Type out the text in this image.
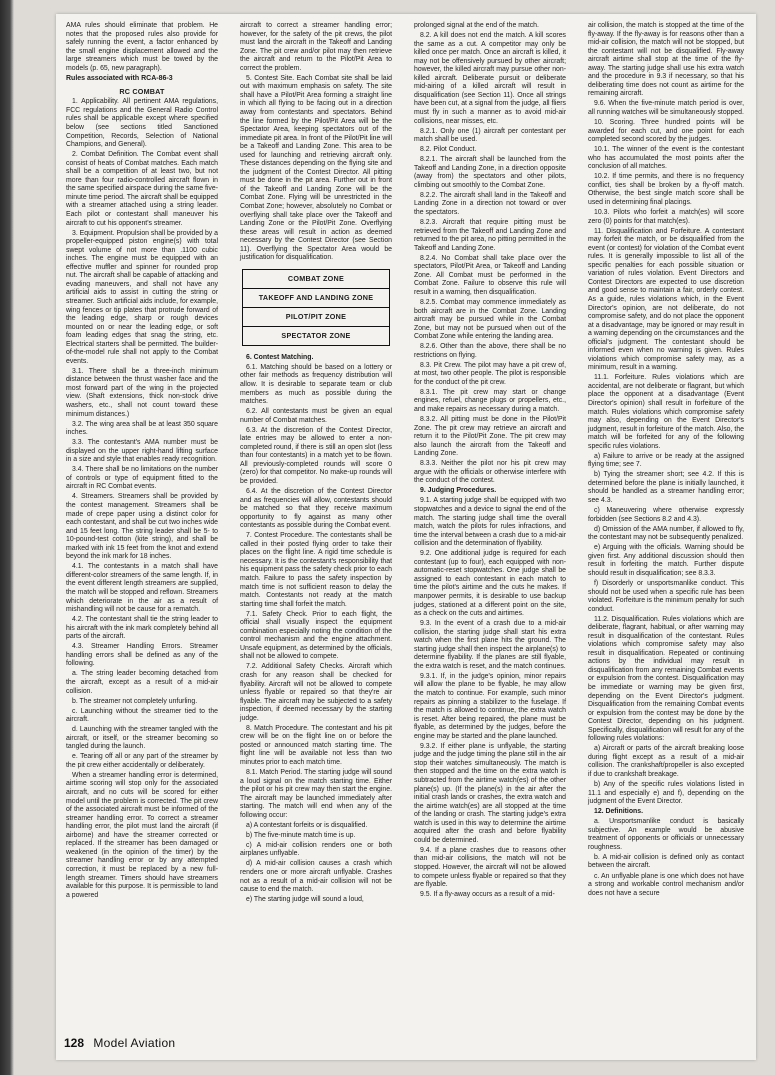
AMA rules should eliminate that problem. He notes that the proposed rules also provide for safely running the event, a factor enhanced by the small engine displacement allowed and the large streamers which must be towed by the models (p. 65, new paragraph).

Rules associated with RCA-86-3
RC COMBAT

1. Applicability. All pertinent AMA regulations, FCC regulations and the General Radio Control rules shall be applicable except where specified below (see sections titled Sanctioned Competition, Records, Selection of National Champions, and General).

2. Combat Definition. The Combat event shall consist of heats of Combat matches. Each match shall be a competition of at least two, but not more than four radio-controlled aircraft flown in the same specified airspace during the same five-minute time period. The aircraft shall be equipped with a streamer attached using a string leader. Each pilot or contestant shall maneuver his aircraft to cut his opponent's streamer.

3. Equipment. Propulsion shall be provided by a propeller-equipped piston engine(s) with total swept volume of not more than .1100 cubic inches. The engine must be equipped with an effective muffler and spinner for rounded prop nut. The aircraft shall be capable of attacking and evading maneuvers, and shall not have any artificial aids to assist in cutting the string or streamer. Such artificial aids include, for example, wing fences or tip plates that protrude forward of the leading edge, sharp or rough devices mounted on or near the leading edge, or soft foam leading edges that snag the string, etc. Electrical starters shall be permitted. The builder-of-the-model rule shall not apply to the Combat events.

3.1. There shall be a three-inch minimum distance between the thrust washer face and the most forward part of the wing in the projected view. (Shaft extensions, thick non-stock drive washers, etc., shall not count toward these minimum distances.)

3.2. The wing area shall be at least 350 square inches.

3.3. The contestant's AMA number must be displayed on the upper right-hand lifting surface in a size and style that enables ready recognition.

3.4. There shall be no limitations on the number of controls or type of equipment fitted to the aircraft in RC Combat events.

4. Streamers. Streamers shall be provided by the contest management. Streamers shall be made of crepe paper using a distinct color for each contestant, and shall be cut two inches wide and 15 feet long. The string leader shall be 5- to 10-pound-test cotton (kite string), and shall be marked with ink 15 feet from the knot and extend beyond the ink mark for 18 inches.

4.1. The contestants in a match shall have different-color streamers of the same length. If, in the event different length streamers are supplied, the match will be stopped and reflown. Streamers which deteriorate in the air as a result of mishandling will not be cause for a rematch.

4.2. The contestant shall tie the string leader to his aircraft with the ink mark completely behind all parts of the aircraft.

4.3. Streamer Handling Errors. Streamer handling errors shall be defined as any of the following.

a. The string leader becoming detached from the aircraft, except as a result of a mid-air collision.

b. The streamer not completely unfurling.

c. Launching without the streamer tied to the aircraft.

d. Launching with the streamer tangled with the aircraft, or itself, or the streamer becoming so tangled during the launch.

e. Tearing off all or any part of the streamer by the pit crew either accidentally or deliberately.

When a streamer handling error is determined, airtime scoring will stop only for the associated aircraft, and no cuts will be scored for either model until the problem is corrected. The pit crew of the associated aircraft must be informed of the streamer handling error. To correct a streamer handling error, the pilot must land the aircraft (if airborne) and have the streamer corrected or replaced. If the streamer has been damaged or weakened (in the opinion of the timer) by the streamer handling error or by any attempted correction, it must be replaced by a new full-length streamer. Timers should have streamers available for this purpose. It is permissible to land a powered

aircraft to correct a streamer handling error; however, for the safety of the pit crews, the pilot must land the aircraft in the Takeoff and Landing Zone. The pit crew and/or pilot may then retrieve the aircraft and return to the Pilot/Pit Area to correct the problem.

5. Contest Site. Each Combat site shall be laid out with maximum emphasis on safety. The site shall have a Pilot/Pit Area forming a straight line in which all flying to be facing out in a direction away from contestants and spectators. Behind the line formed by the Pilot/Pit Area will be the Spectator Area, keeping spectators out of the immediate pit area. In front of the Pilot/Pit line will be a Takeoff and Landing Zone. This area to be used for launching and retrieving aircraft only. These distances depending on the flying site and the judgment of the Contest Director. All pitting must be done in the pit area. Further out in front of the Takeoff and Landing Zone will be the Combat Zone. Flying will be unrestricted in the Combat Zone; however, absolutely no Combat or overflying shall take place over the Takeoff and Landing Zone or the Pilot/Pit Zone. Overflying these areas will result in action as deemed necessary by the Contest Director (see Section 11). Overflying the Spectator Area would be justification for disqualification.

COMBAT ZONE
TAKEOFF AND LANDING ZONE
PILOT/PIT ZONE
SPECTATOR ZONE

6. Contest Matching.

6.1. Matching should be based on a lottery or other fair methods as frequency distribution will allow. It is desirable to separate team or club members as much as possible during the matches.

6.2. All contestants must be given an equal number of Combat matches.

6.3. At the discretion of the Contest Director, late entries may be allowed to enter a non-completed round, if there is still an open slot (less than four contestants) in a match yet to be flown. All previously-completed rounds will score 0 (zero) for that competitor. No make-up rounds will be provided.

6.4. At the discretion of the Contest Director and as frequencies will allow, contestants should be matched so that they receive maximum opportunity to fly against as many other contestants as possible during the Combat event.

7. Contest Procedure. The contestants shall be called in their posted flying order to take their places on the flight line. A rigid time schedule is necessary. It is the contestant's responsibility that his equipment pass the safety check prior to each match. Failure to pass the safety inspection by match time is not sufficient reason to delay the match. Contestants not ready at the match starting time shall forfeit the match.

7.1. Safety Check. Prior to each flight, the official shall visually inspect the equipment combination especially noting the condition of the control mechanism and the engine attachment. Unsafe equipment, as determined by the officials, shall not be allowed to compete.

7.2. Additional Safety Checks. Aircraft which crash for any reason shall be checked for flyability. Aircraft will not be allowed to compete unless flyable or repaired so that they're air flyable. The aircraft may be subjected to a safety inspection, if deemed necessary by the starting judge.

8. Match Procedure. The contestant and his pit crew will be on the flight line on or before the posted or announced match starting time. The flight line will be available not less than two minutes prior to each match time.

8.1. Match Period. The starting judge will sound a loud signal on the match starting time. Either the pilot or his pit crew may then start the engine. The aircraft may be launched immediately after starting. The match will end when any of the following occur:

a) A contestant forfeits or is disqualified.

b) The five-minute match time is up.

c) A mid-air collision renders one or both airplanes unflyable.

d) A mid-air collision causes a crash which renders one or more aircraft unflyable. Crashes not as a result of a mid-air collision will not be cause to end the match.

e) The starting judge will sound a loud,

prolonged signal at the end of the match.

8.2. A kill does not end the match. A kill scores the same as a cut. A competitor may only be killed once per match. Once an aircraft is killed, it may not be offensively pursued by other aircraft; however, the killed aircraft may pursue other non-killed aircraft. Deliberate pursuit or deliberate mid-airing of a killed aircraft will result in disqualification (see Section 11). Once all strings have been cut, at a signal from the judge, all fliers must fly in such a manner as to avoid mid-air collisions, near misses, etc.

8.2.1. Only one (1) aircraft per contestant per match shall be used.

8.2. Pilot Conduct.

8.2.1. The aircraft shall be launched from the Takeoff and Landing Zone, in a direction opposite (away from) the spectators and other pilots, climbing out smoothly to the Combat Zone.

8.2.2. The aircraft shall land in the Takeoff and Landing Zone in a direction not toward or over the spectators.

8.2.3. Aircraft that require pitting must be retrieved from the Takeoff and Landing Zone and returned to the pit area, no pitting permitted in the Takeoff and Landing Zone.

8.2.4. No Combat shall take place over the spectators, Pilot/Pit Area, or Takeoff and Landing Zone. All Combat must be performed in the Combat Zone. Failure to observe this rule will result in a warning, then disqualification.

8.2.5. Combat may commence immediately as both aircraft are in the Combat Zone. Landing aircraft may be pursued while in the Combat Zone, but may not be pursued when out of the Combat Zone while entering the landing area.

8.2.6. Other than the above, there shall be no restrictions on flying.

8.3. Pit Crew. The pilot may have a pit crew of, at most, two other people. The pilot is responsible for the conduct of the pit crew.

8.3.1. The pit crew may start or change engines, refuel, change plugs or propellers, etc., and make repairs as necessary during a match.

8.3.2. All pitting must be done in the Pilot/Pit Zone. The pit crew may retrieve an aircraft and return it to the Pilot/Pit Zone. The pit crew may also launch the aircraft from the Takeoff and Landing Zone.

8.3.3. Neither the pilot nor his pit crew may argue with the officials or otherwise interfere with the conduct of the contest.

9. Judging Procedures.

9.1. A starting judge shall be equipped with two stopwatches and a device to signal the end of the match. The starting judge shall time the overall match, watch the pilots for rules infractions, and time the interval between a crash due to a mid-air collision and the determination of flyability.

9.2. One additional judge is required for each contestant (up to four), each equipped with non-automatic-reset stopwatches. One judge shall be assigned to each contestant in each match to time the pilot's airtime and the cuts he makes. If manpower permits, it is desirable to use backup judges, stationed at a different point on the site, as a check on the cuts and airtimes.

9.3. In the event of a crash due to a mid-air collision, the starting judge shall start his extra watch when the first plane hits the ground. The starting judge shall then inspect the airplane(s) to determine flyability. If the planes are still flyable, the extra watch is reset, and the match continues.

9.3.1. If, in the judge's opinion, minor repairs will allow the plane to be flyable, he may allow the match to continue. For example, such minor repairs as pinning a stabilizer to the fuselage. If the match is allowed to continue, the extra watch is reset. After being repaired, the plane must be flyable, as determined by the judges, before the engine may be started and the plane launched.

9.3.2. If either plane is unflyable, the starting judge and the judge timing the plane still in the air stop their watches simultaneously. The match is then stopped and the time on the extra watch is subtracted from the airtime watch(es) of the other plane(s) up. (If the plane(s) in the air after the initial crash lands or crashes, the extra watch and the airtime watch(es) are all stopped at the time of the landing or crash. The starting judge's extra watch is used in this way to determine the airtime acquired after the crash and before flyability could be determined.

9.4. If a plane crashes due to reasons other than mid-air collisions, the match will not be stopped. However, the aircraft will not be allowed to compete unless flyable or repaired so that they are flyable.

9.5. If a fly-away occurs as a result of a mid-

air collision, the match is stopped at the time of the fly-away. If the fly-away is for reasons other than a mid-air collision, the match will not be stopped, but the contestant will not be disqualified. Fly-away aircraft airtime shall stop at the time of the fly-away. The starting judge shall use his extra watch and the procedure in 9.3 if necessary, so that his deliberating time does not count as airtime for the remaining aircraft.

9.6. When the five-minute match period is over, all running watches will be simultaneously stopped.

10. Scoring. Three hundred points will be awarded for each cut, and one point for each completed second scored by the judges.

10.1. The winner of the event is the contestant who has accumulated the most points after the conclusion of all matches.

10.2. If time permits, and there is no frequency conflict, ties shall be broken by a fly-off match. Otherwise, the best single match score shall be used in determining final placings.

10.3. Pilots who forfeit a match(es) will score zero (0) points for that match(es).

11. Disqualification and Forfeiture. A contestant may forfeit the match, or be disqualified from the event (or contest) for violation of the Combat event rules. It is generally impossible to list all of the specific penalties for each possible situation or variation of rules violation. Event Directors and Contest Directors are expected to use discretion and good sense to maintain a fair, orderly contest. As a guide, rules violations which, in the Event Director's opinion, are not deliberate, do not compromise safety, and do not place the opponent at a disadvantage, may be ignored or may result in a warning depending on the circumstances and the official's judgment. The contestant should be informed even when no warning is given. Rules violations which compromise safety may, as a minimum, result in a warning.

11.1. Forfeiture. Rules violations which are accidental, are not deliberate or flagrant, but which place the opponent at a disadvantage (Event Director's opinion) shall result in forfeiture of the match. Rules violations which compromise safety may also, depending on the Event Director's judgment, result in forfeiture of the match. Also, the match will be forfeited for any of the following specific rules violations.

a) Failure to arrive or be ready at the assigned flying time; see 7.

b) Tying the streamer short; see 4.2. If this is determined before the plane is initially launched, it should be handled as a streamer handling error; see 4.3.

c) Maneuvering where otherwise expressly forbidden (see Sections 8.2 and 4.3).

d) Omission of the AMA number, if allowed to fly, the contestant may not be subsequently penalized.

e) Arguing with the officials. Warning should be given first. Any additional discussion should then result in forfeiting the match. Further dispute should result in disqualification; see 8.3.3.

f) Disorderly or unsportsmanlike conduct. This should not be used when a specific rule has been violated. Forfeiture is the minimum penalty for such conduct.

11.2. Disqualification. Rules violations which are deliberate, flagrant, habitual, or after warning may result in disqualification of the contestant. Rules violations which compromise safety may also result in disqualification. Repeated or continuing actions by the individual may result in disqualification from any remaining Combat events or expulsion from the contest. Disqualification may be immediate or warning may be given first, depending on the Event Director's judgment. Disqualification from the remaining Combat events or expulsion from the contest may be done by the Contest Director, depending on his judgment. Specifically, disqualification will result for any of the following rules violations:

a) Aircraft or parts of the aircraft breaking loose during flight except as a result of a mid-air collision. The crankshaft/propeller is also excepted if due to crankshaft breakage.

b) Any of the specific rules violations listed in 11.1 and especially e) and f), depending on the judgment of the Event Director.

12. Definitions.

a. Unsportsmanlike conduct is basically subjective. An example would be abusive treatment of opponents or officials or unnecessary roughness.

b. A mid-air collision is defined only as contact between the aircraft.

c. An unflyable plane is one which does not have a strong and workable control mechanism and/or does not have a secure

128 Model Aviation
